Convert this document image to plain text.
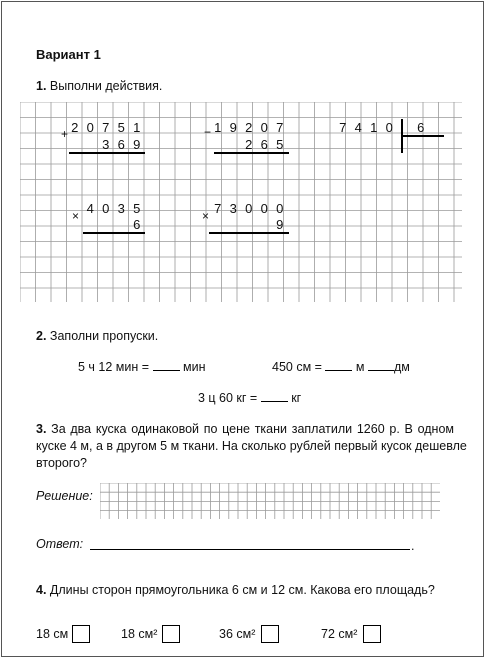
Вариант 1
1. Выполни действия.
+ 2 0 7 5 1
3 6 9
− 1 9 2 0 7
2 6 5
7 4 1 0	6
× 4 0 3 5
6
× 7 3 0 0 0
9
2. Заполни пропуски.
5 ч 12 мин =  мин	450 см =  м дм
3 ц 60 кг =  кг
3. За два куска одинаковой по цене ткани заплатили 1260 р. В одном
куске 4 м, а в другом 5 м ткани. На сколько рублей первый кусок дешевле
второго?
Решение:
Ответ:	.
4. Длины сторон прямоугольника 6 см и 12 см. Какова его площадь?
18 см	18 см²	36 см²	72 см²
